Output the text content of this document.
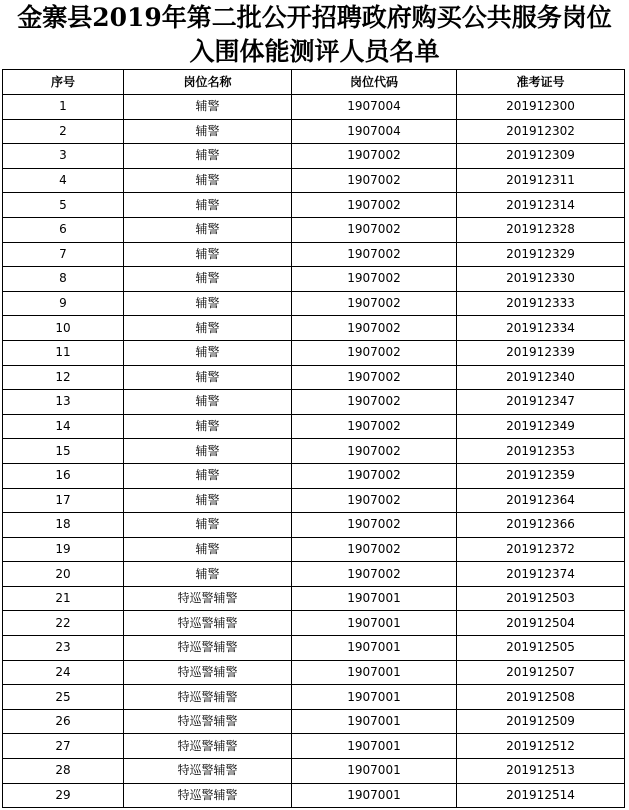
金寨县2019年第二批公开招聘政府购买公共服务岗位
入围体能测评人员名单
序号	岗位名称	岗位代码	准考证号
1	辅警	1907004	201912300
2	辅警	1907004	201912302
3	辅警	1907002	201912309
4	辅警	1907002	201912311
5	辅警	1907002	201912314
6	辅警	1907002	201912328
7	辅警	1907002	201912329
8	辅警	1907002	201912330
9	辅警	1907002	201912333
10	辅警	1907002	201912334
11	辅警	1907002	201912339
12	辅警	1907002	201912340
13	辅警	1907002	201912347
14	辅警	1907002	201912349
15	辅警	1907002	201912353
16	辅警	1907002	201912359
17	辅警	1907002	201912364
18	辅警	1907002	201912366
19	辅警	1907002	201912372
20	辅警	1907002	201912374
21	特巡警辅警	1907001	201912503
22	特巡警辅警	1907001	201912504
23	特巡警辅警	1907001	201912505
24	特巡警辅警	1907001	201912507
25	特巡警辅警	1907001	201912508
26	特巡警辅警	1907001	201912509
27	特巡警辅警	1907001	201912512
28	特巡警辅警	1907001	201912513
29	特巡警辅警	1907001	201912514
